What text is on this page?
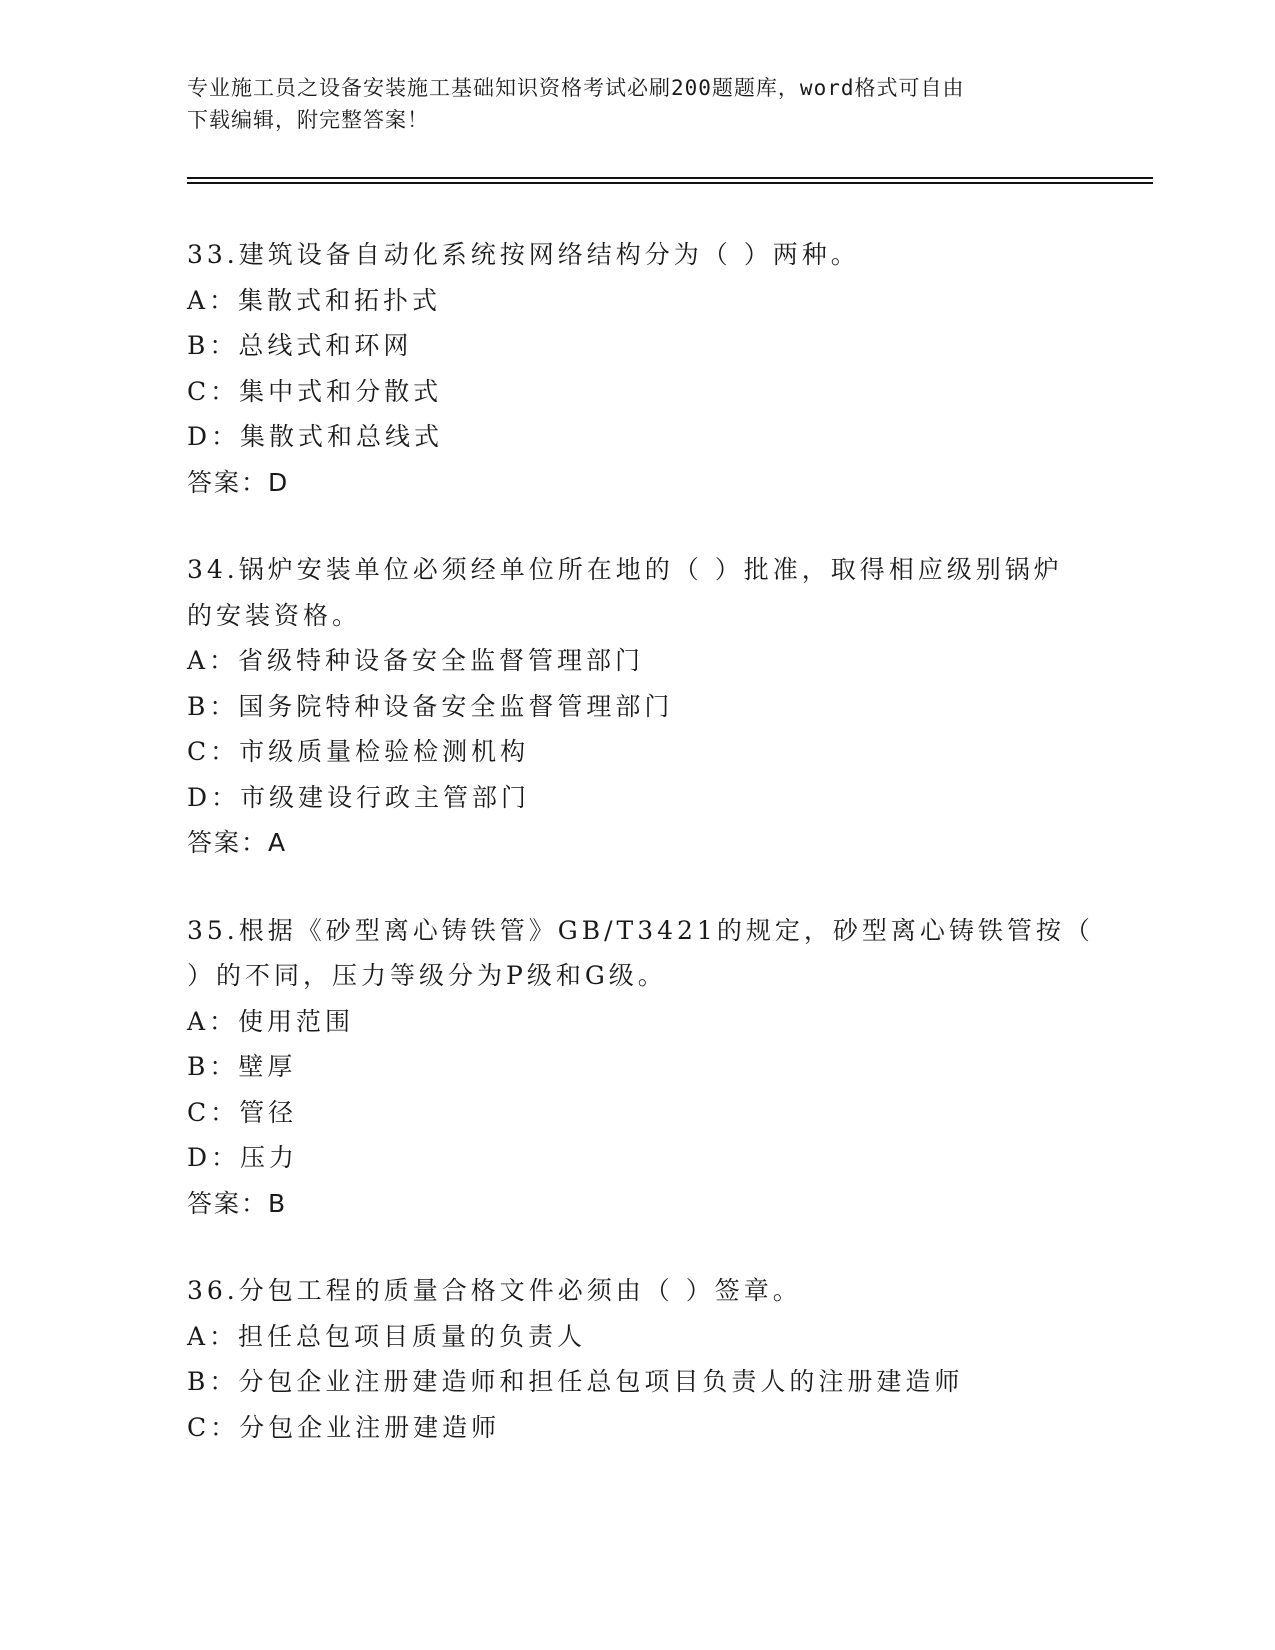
专业施工员之设备安装施工基础知识资格考试必刷200题题库，word格式可自由
下载编辑，附完整答案！
33.建筑设备自动化系统按网络结构分为（ ）两种。
A：集散式和拓扑式
B：总线式和环网
C：集中式和分散式
D：集散式和总线式
答案：D
34.锅炉安装单位必须经单位所在地的（ ）批准，取得相应级别锅炉
的安装资格。
A：省级特种设备安全监督管理部门
B：国务院特种设备安全监督管理部门
C：市级质量检验检测机构
D：市级建设行政主管部门
答案：A
35.根据《砂型离心铸铁管》GB/T3421的规定，砂型离心铸铁管按（
）的不同，压力等级分为P级和G级。
A：使用范围
B：壁厚
C：管径
D：压力
答案：B
36.分包工程的质量合格文件必须由（ ）签章。
A：担任总包项目质量的负责人
B：分包企业注册建造师和担任总包项目负责人的注册建造师
C：分包企业注册建造师
